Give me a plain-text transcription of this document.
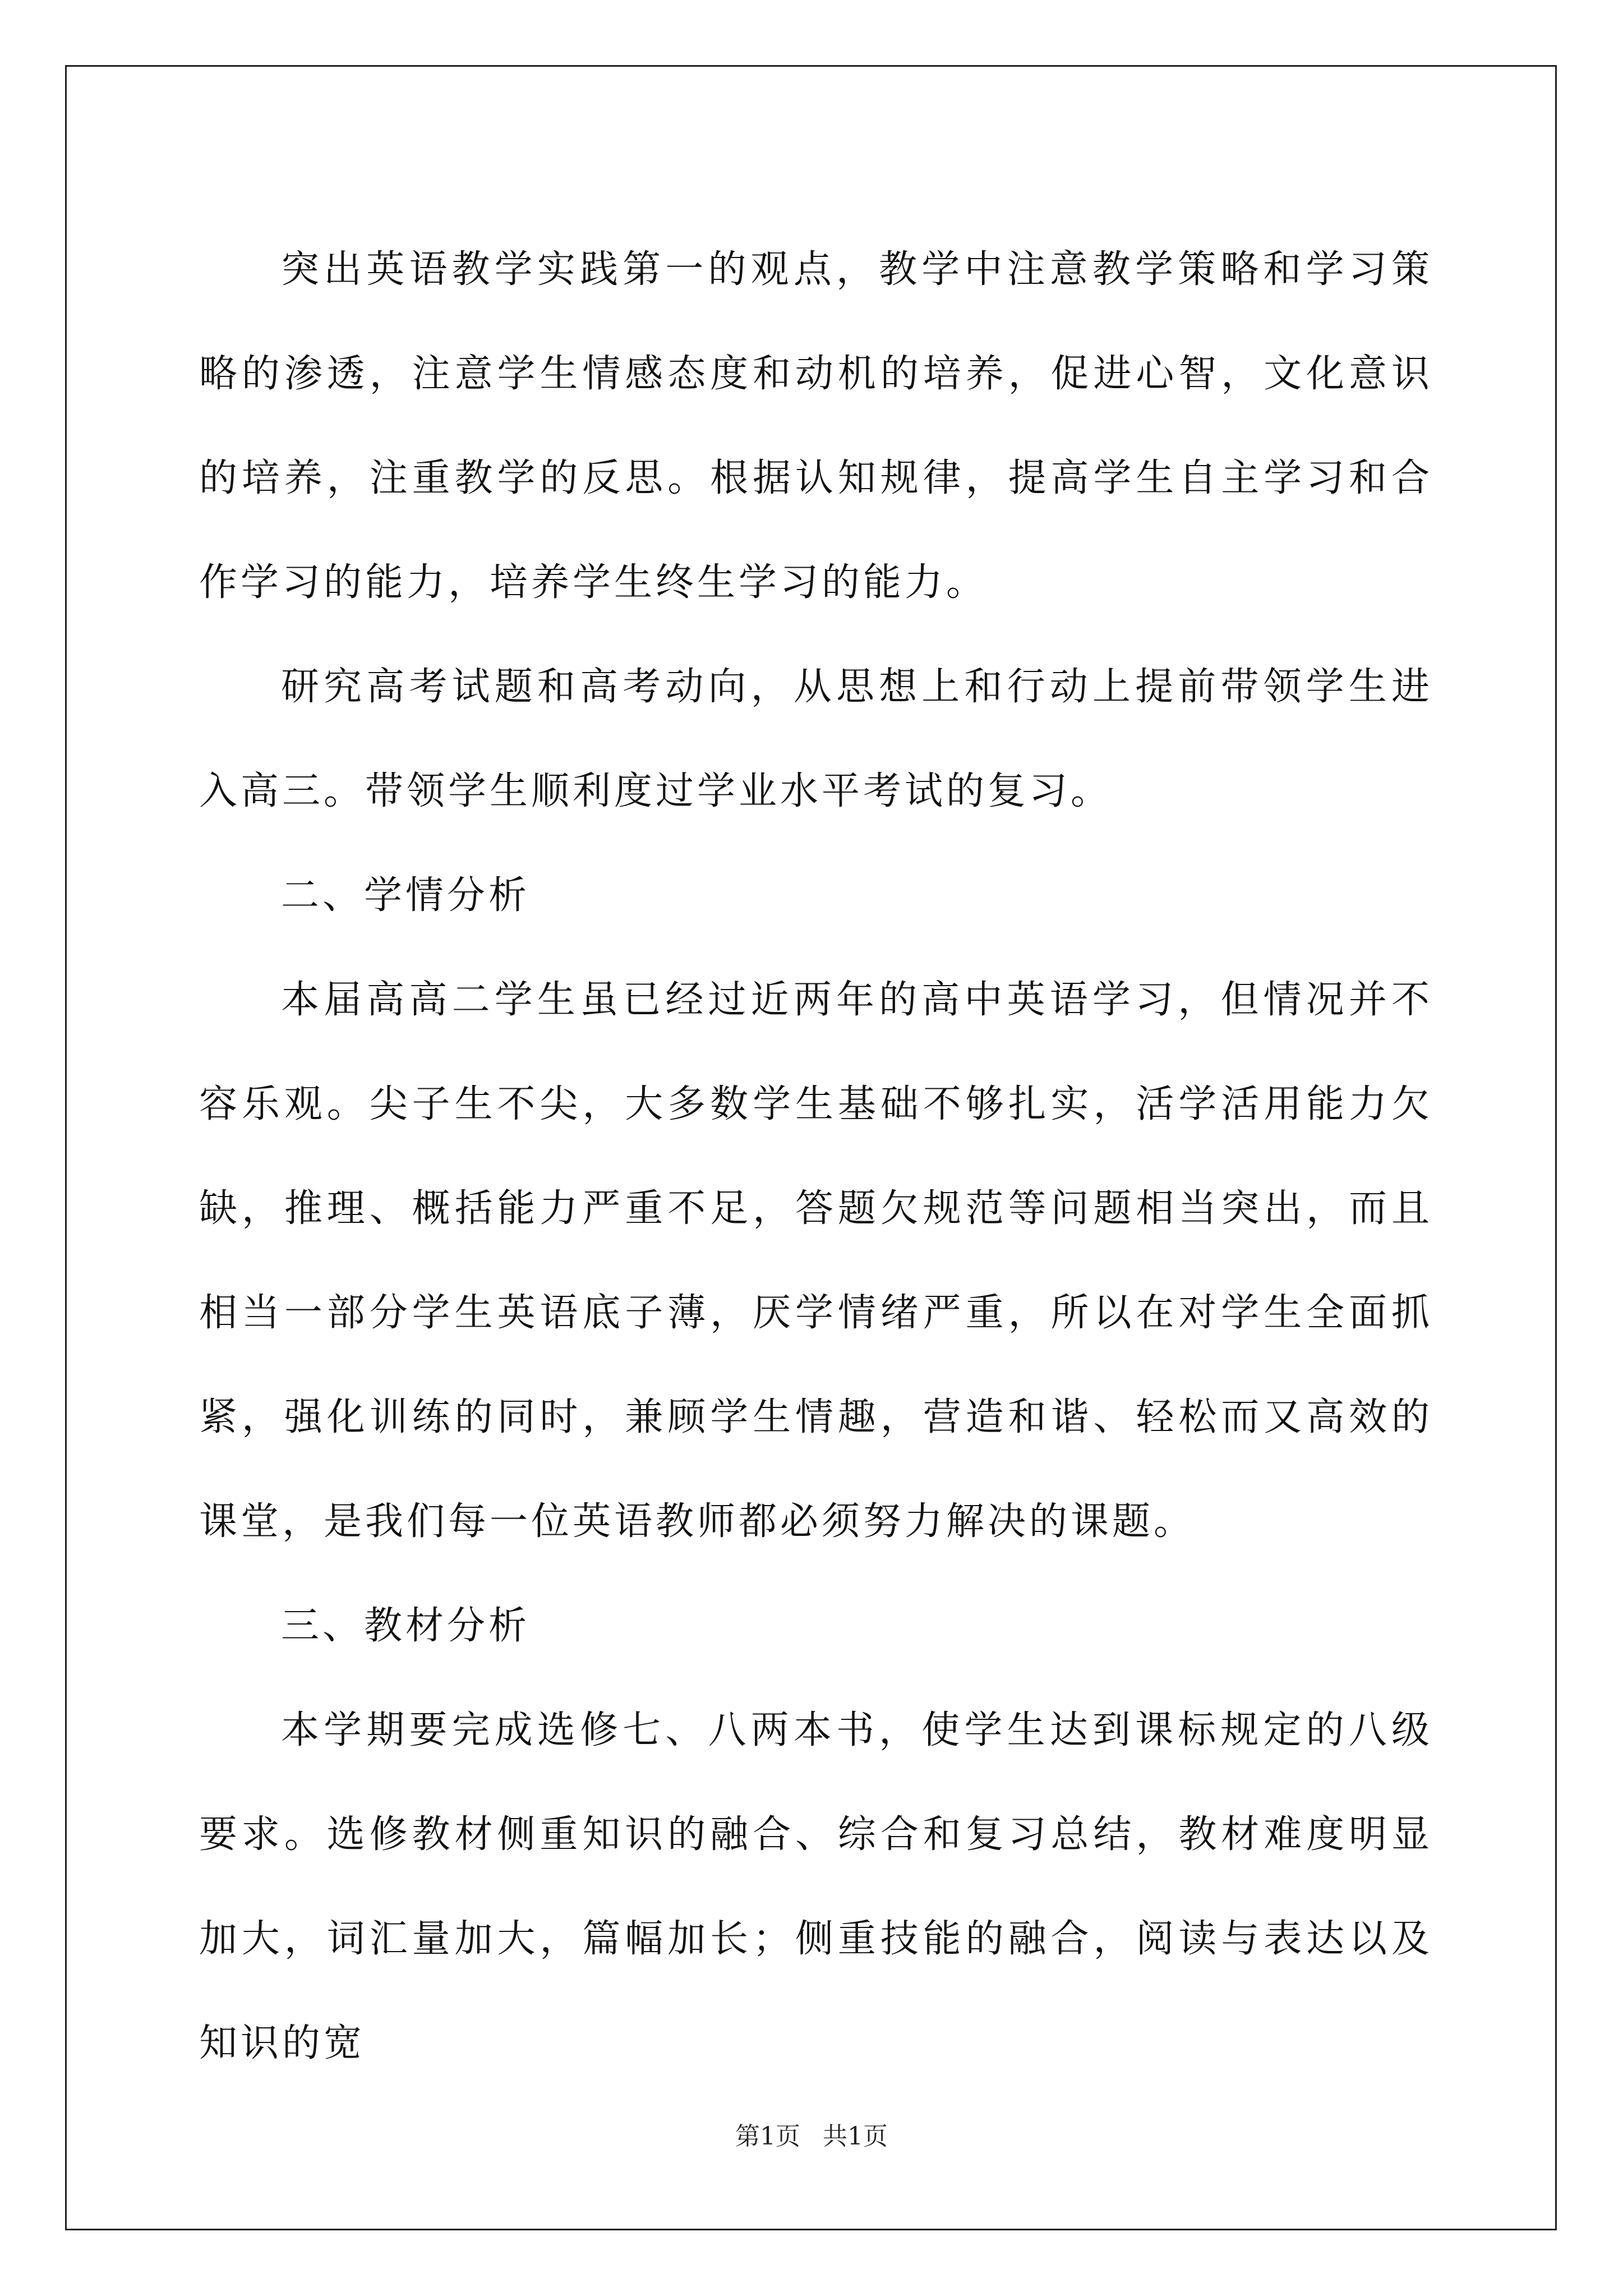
突出英语教学实践第一的观点，教学中注意教学策略和学习策略的渗透，注意学生情感态度和动机的培养，促进心智，文化意识的培养，注重教学的反思。根据认知规律，提高学生自主学习和合作学习的能力，培养学生终生学习的能力。

研究高考试题和高考动向，从思想上和行动上提前带领学生进入高三。带领学生顺利度过学业水平考试的复习。

二、学情分析

本届高高二学生虽已经过近两年的高中英语学习，但情况并不容乐观。尖子生不尖，大多数学生基础不够扎实，活学活用能力欠缺，推理、概括能力严重不足，答题欠规范等问题相当突出，而且相当一部分学生英语底子薄，厌学情绪严重，所以在对学生全面抓紧，强化训练的同时，兼顾学生情趣，营造和谐、轻松而又高效的课堂，是我们每一位英语教师都必须努力解决的课题。

三、教材分析

本学期要完成选修七、八两本书，使学生达到课标规定的八级要求。选修教材侧重知识的融合、综合和复习总结，教材难度明显加大，词汇量加大，篇幅加长；侧重技能的融合，阅读与表达以及知识的宽

第1页 共1页
